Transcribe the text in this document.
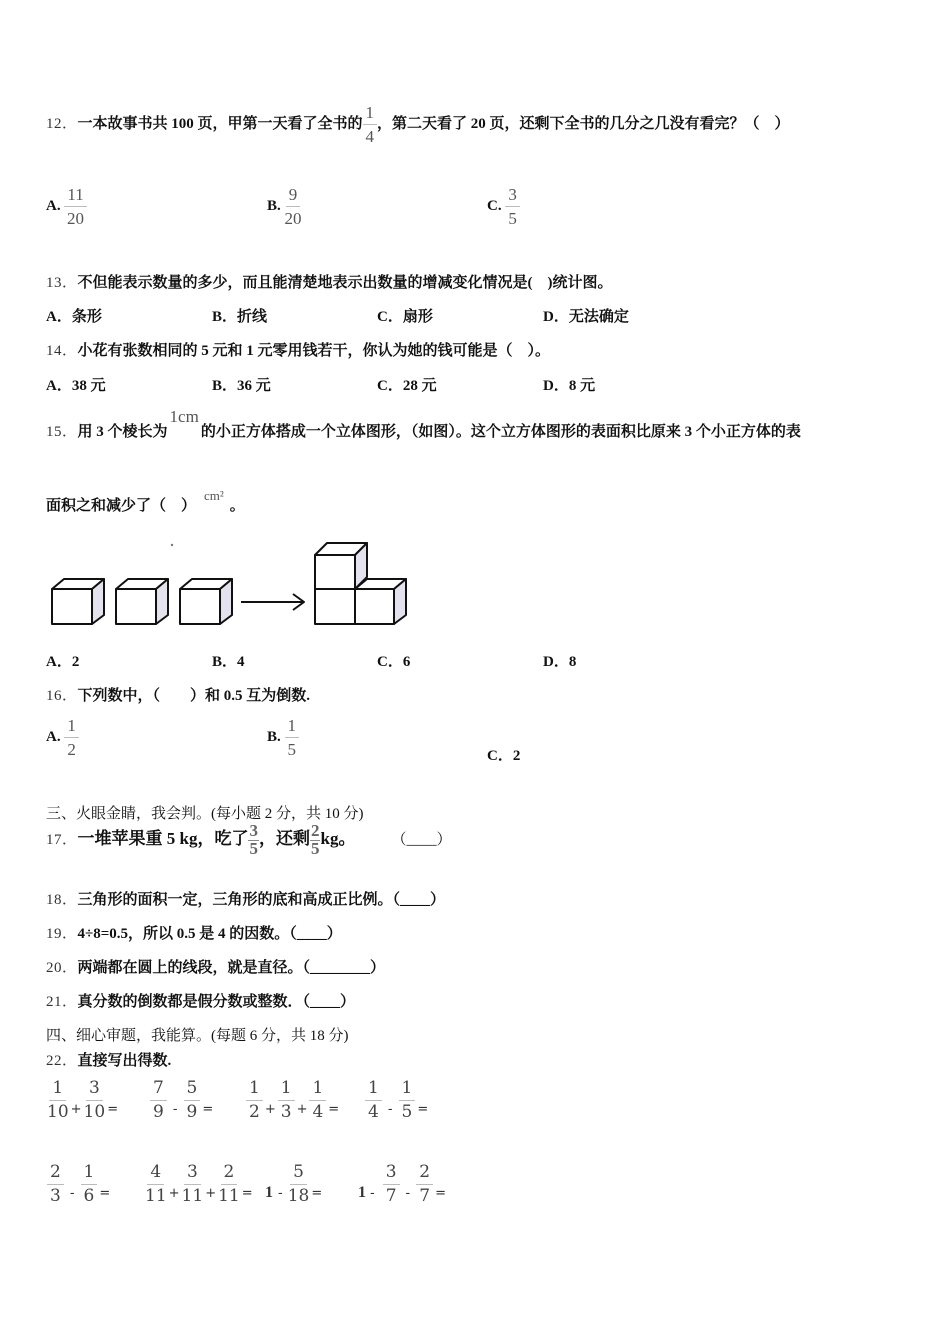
12．一本故事书共 100 页，甲第一天看了全书的 $\frac{1}{4}$ ，第二天看了 20 页，还剩下全书的几分之几没有看完？（　）
A. $\frac{11}{20}$	B. $\frac{9}{20}$	C. $\frac{3}{5}$
13．不但能表示数量的多少，而且能清楚地表示出数量的增减变化情况是(　)统计图。
A．条形	B．折线	C．扇形	D．无法确定
14．小花有张数相同的 5 元和 1 元零用钱若干，你认为她的钱可能是（　）。
A．38 元	B．36 元	C．28 元	D．8 元
15．用 3 个棱长为1cm的小正方体搭成一个立体图形，（如图）。这个立方体图形的表面积比原来 3 个小正方体的表
面积之和减少了（　）cm²。
A．2	B．4	C．6	D．8
16．下列数中，（　　）和 0.5 互为倒数.
A. $\frac{1}{2}$	B. $\frac{1}{5}$	C．2
三、火眼金睛，我会判。(每小题 2 分，共 10 分)
17．一堆苹果重 5 kg，吃了 $\frac{3}{5}$ ，还剩 $\frac{2}{5}$ kg。 （____）
18．三角形的面积一定，三角形的底和高成正比例。（____）
19．4÷8=0.5，所以 0.5 是 4 的因数。（____）
20．两端都在圆上的线段，就是直径。（________）
21．真分数的倒数都是假分数或整数．（____）
四、细心审题，我能算。(每题 6 分，共 18 分)
22．直接写出得数.
$\frac{1}{10} _+ \frac{3}{10} _= \frac{7}{9} _- \frac{5}{9} _= \frac{1}{2} _+ \frac{1}{3} _+ \frac{1}{4} _= \frac{1}{4} _- \frac{1}{5} _=$
$\frac{2}{3} _- \frac{1}{6} _= \frac{4}{11} _+ \frac{3}{11} _+ \frac{2}{11} _=$ 1 $_- \frac{5}{18} _=$ 1 $_- \frac{3}{7} _- \frac{2}{7} _=$
